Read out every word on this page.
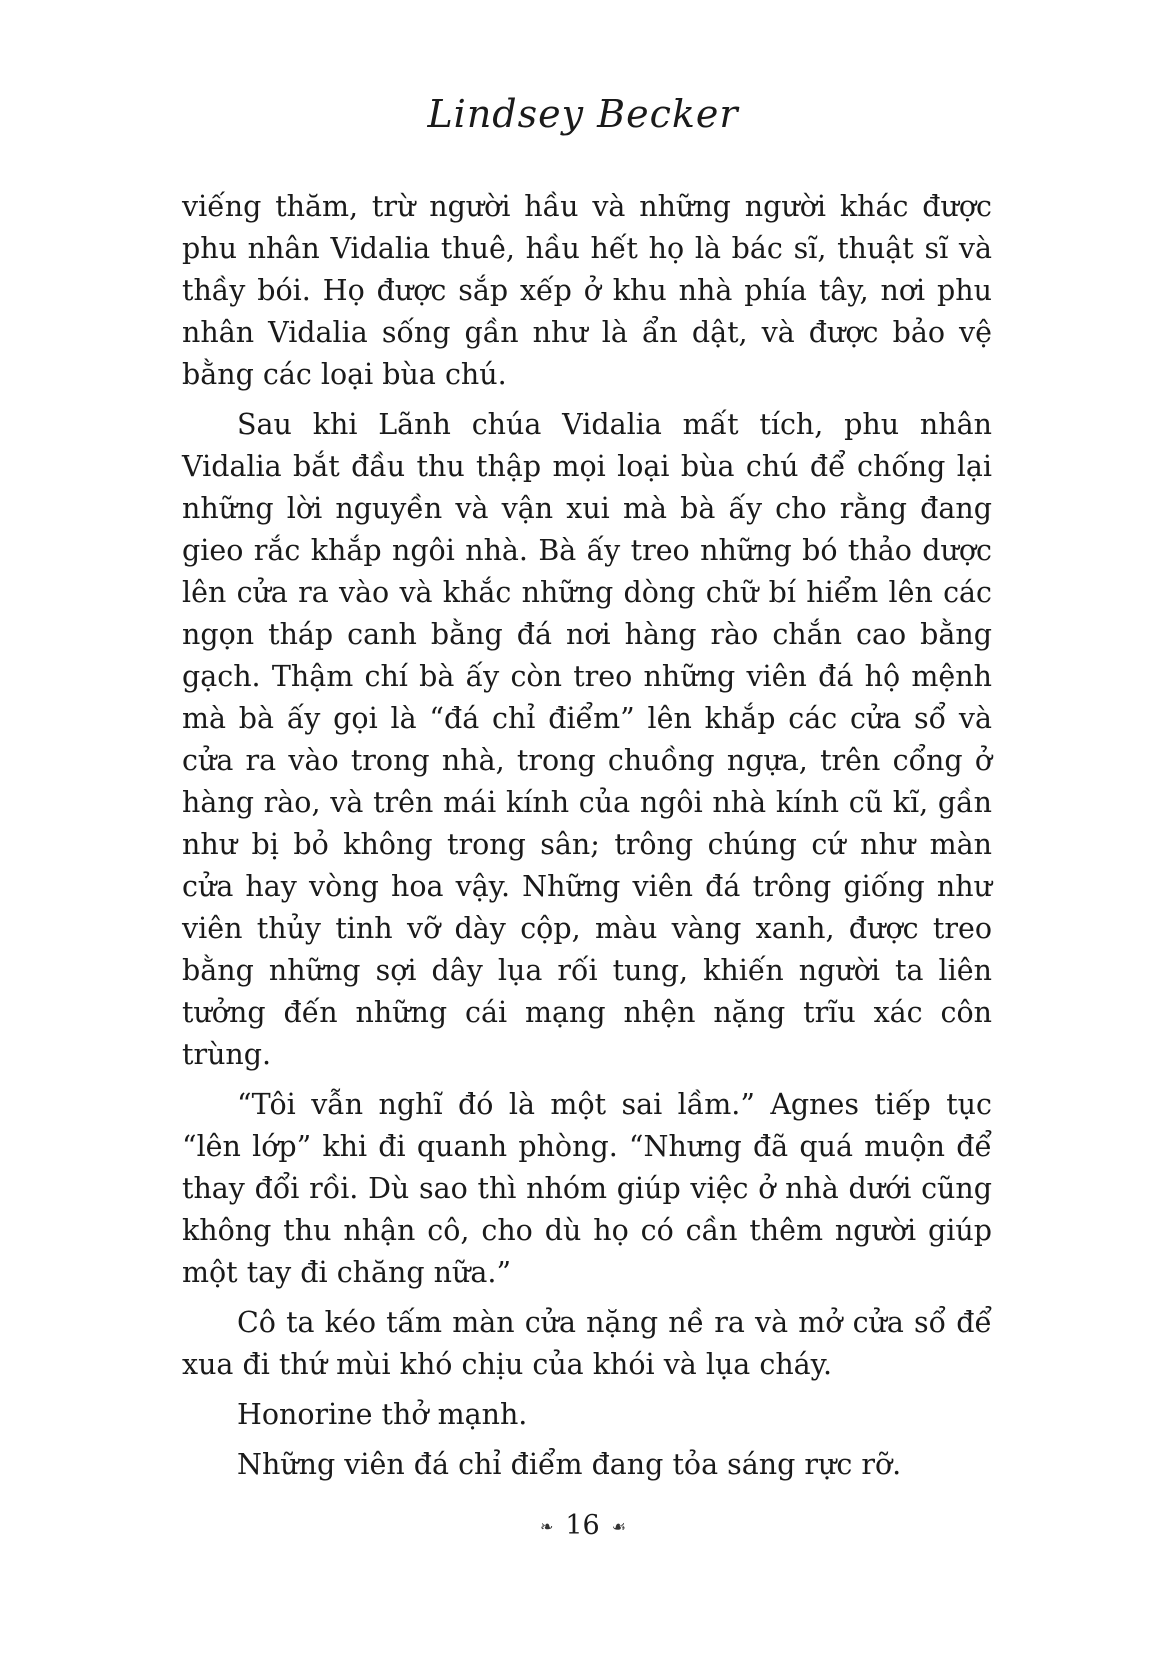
Lindsey Becker

viếng thăm, trừ người hầu và những người khác được phu nhân Vidalia thuê, hầu hết họ là bác sĩ, thuật sĩ và thầy bói. Họ được sắp xếp ở khu nhà phía tây, nơi phu nhân Vidalia sống gần như là ẩn dật, và được bảo vệ bằng các loại bùa chú.

Sau khi Lãnh chúa Vidalia mất tích, phu nhân Vidalia bắt đầu thu thập mọi loại bùa chú để chống lại những lời nguyền và vận xui mà bà ấy cho rằng đang gieo rắc khắp ngôi nhà. Bà ấy treo những bó thảo dược lên cửa ra vào và khắc những dòng chữ bí hiểm lên các ngọn tháp canh bằng đá nơi hàng rào chắn cao bằng gạch. Thậm chí bà ấy còn treo những viên đá hộ mệnh mà bà ấy gọi là “đá chỉ điểm” lên khắp các cửa sổ và cửa ra vào trong nhà, trong chuồng ngựa, trên cổng ở hàng rào, và trên mái kính của ngôi nhà kính cũ kĩ, gần như bị bỏ không trong sân; trông chúng cứ như màn cửa hay vòng hoa vậy. Những viên đá trông giống như viên thủy tinh vỡ dày cộp, màu vàng xanh, được treo bằng những sợi dây lụa rối tung, khiến người ta liên tưởng đến những cái mạng nhện nặng trĩu xác côn trùng.

“Tôi vẫn nghĩ đó là một sai lầm.” Agnes tiếp tục “lên lớp” khi đi quanh phòng. “Nhưng đã quá muộn để thay đổi rồi. Dù sao thì nhóm giúp việc ở nhà dưới cũng không thu nhận cô, cho dù họ có cần thêm người giúp một tay đi chăng nữa.”

Cô ta kéo tấm màn cửa nặng nề ra và mở cửa sổ để xua đi thứ mùi khó chịu của khói và lụa cháy.

Honorine thở mạnh.

Những viên đá chỉ điểm đang tỏa sáng rực rỡ.

❧ 16 ☙
